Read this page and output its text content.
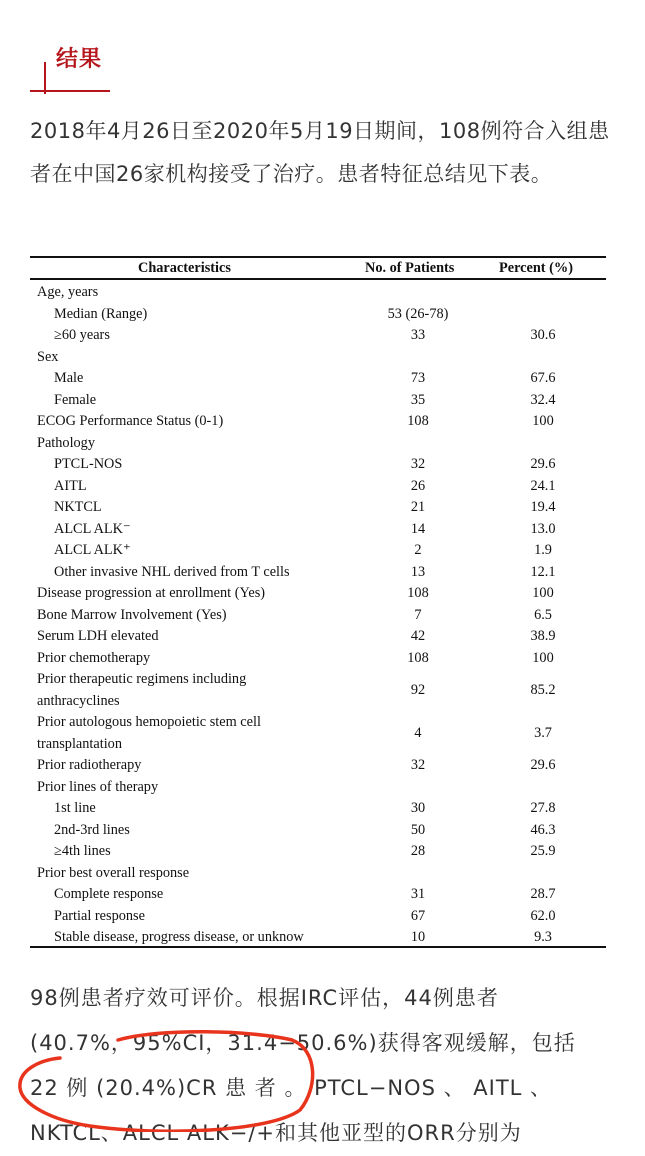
结果
2018年4月26日至2020年5月19日期间，108例符合入组患者在中国26家机构接受了治疗。患者特征总结见下表。
Characteristics	No. of Patients	Percent (%)
Age, years
Median (Range)	53 (26-78)
≥60 years	33	30.6
Sex
Male	73	67.6
Female	35	32.4
ECOG Performance Status (0-1)	108	100
Pathology
PTCL-NOS	32	29.6
AITL	26	24.1
NKTCL	21	19.4
ALCL ALK⁻	14	13.0
ALCL ALK⁺	2	1.9
Other invasive NHL derived from T cells	13	12.1
Disease progression at enrollment (Yes)	108	100
Bone Marrow Involvement (Yes)	7	6.5
Serum LDH elevated	42	38.9
Prior chemotherapy	108	100
Prior therapeutic regimens including anthracyclines
92	85.2
Prior autologous hemopoietic stem cell transplantation
4	3.7
Prior radiotherapy	32	29.6
Prior lines of therapy
1st line	30	27.8
2nd-3rd lines	50	46.3
≥4th lines	28	25.9
Prior best overall response
Complete response	31	28.7
Partial response	67	62.0
Stable disease, progress disease, or unknow	10	9.3
98例患者疗效可评价。根据IRC评估，44例患者
(40.7%，95%CI，31.4−50.6%)获得客观缓解，包括
22 例 (20.4%)CR 患 者 。 PTCL−NOS 、 AITL 、
NKTCL、ALCL ALK−/+和其他亚型的ORR分别为
